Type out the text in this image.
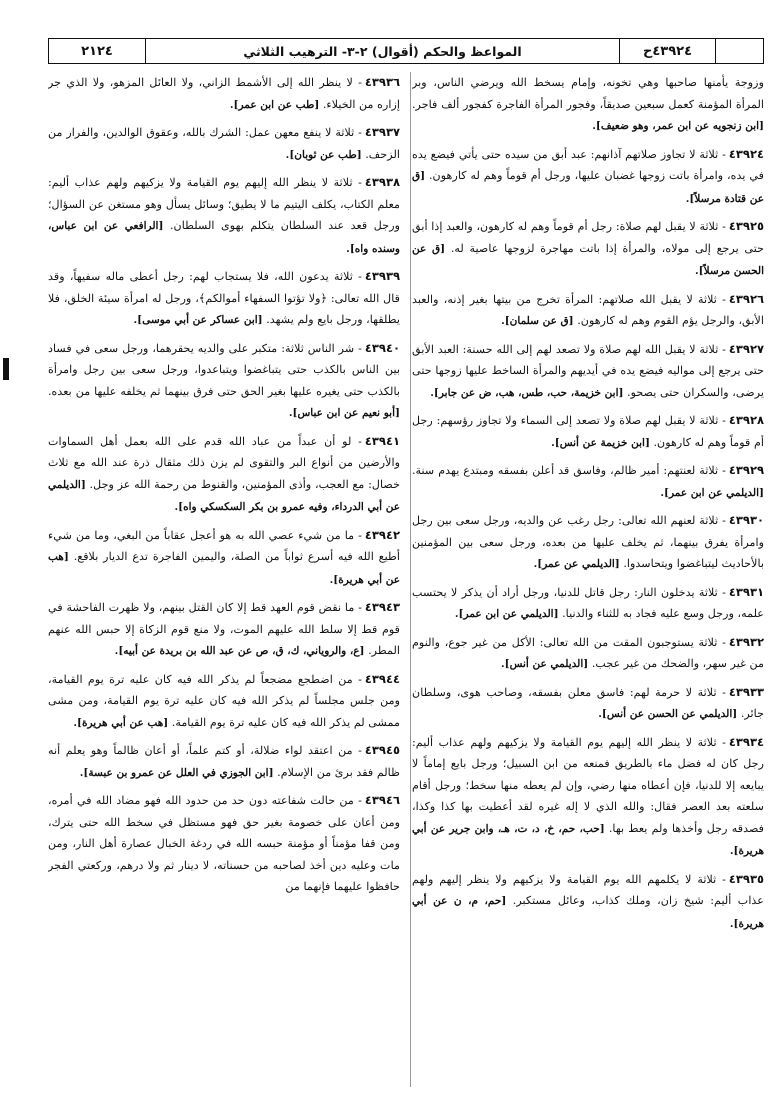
٤٣٩٢٤ح
المواعظ والحكم (أقوال) ٢-٣- الترهيب الثلاثي
٢١٢٤

وزوجة يأمنها صاحبها وهي تخونه، وإمام يسخط الله ويرضي الناس، وبر المرأة المؤمنة كعمل سبعين صديقاً، وفجور المرأة الفاجرة كفجور ألف فاجر. [ابن زنجويه عن ابن عمر، وهو ضعيف].

٤٣٩٢٤- ثلاثة لا تجاوز صلاتهم آذانهم: عبد أبق من سيده حتى يأتي فيضع يده في يده، وامرأة باتت زوجها غضبان عليها، ورجل أم قوماً وهم له كارهون. [ق عن قتادة مرسلاً].

٤٣٩٢٥- ثلاثة لا يقبل لهم صلاة: رجل أم قوماً وهم له كارهون، والعبد إذا أبق حتى يرجع إلى مولاه، والمرأة إذا باتت مهاجرة لزوجها عاصية له. [ق عن الحسن مرسلاً].

٤٣٩٢٦- ثلاثة لا يقبل الله صلاتهم: المرأة تخرج من بيتها بغير إذنه، والعبد الأبق، والرجل يؤم القوم وهم له كارهون. [ق عن سلمان].

٤٣٩٢٧- ثلاثة لا يقبل الله لهم صلاة ولا تصعد لهم إلى الله حسنة: العبد الأبق حتى يرجع إلى مواليه فيضع يده في أيديهم والمرأة الساخط عليها زوجها حتى يرضى، والسكران حتى يصحو. [ابن خزيمة، حب، طس، هب، ض عن جابر].

٤٣٩٢٨- ثلاثة لا يقبل لهم صلاة ولا تصعد إلى السماء ولا تجاوز رؤسهم: رجل أم قوماً وهم له كارهون. [ابن خزيمة عن أنس].

٤٣٩٢٩- ثلاثة لعنتهم: أمير ظالم، وفاسق قد أعلن بفسقه ومبتدع يهدم سنة. [الديلمي عن ابن عمر].

٤٣٩٣٠- ثلاثة لعنهم الله تعالى: رجل رغب عن والديه، ورجل سعى بين رجل وامرأة يفرق بينهما، ثم يخلف عليها من بعده، ورجل سعى بين المؤمنين بالأحاديث ليتباغضوا ويتحاسدوا. [الديلمي عن عمر].

٤٣٩٣١- ثلاثة يدخلون النار: رجل قاتل للدنيا، ورجل أراد أن يذكر لا يحتسب علمه، ورجل وسع عليه فجاد به للثناء والدنيا. [الديلمي عن ابن عمر].

٤٣٩٣٢- ثلاثة يستوجبون المقت من الله تعالى: الأكل من غير جوع، والنوم من غير سهر، والضحك من غير عجب. [الديلمي عن أنس].

٤٣٩٣٣- ثلاثة لا حرمة لهم: فاسق معلن بفسقه، وصاحب هوى، وسلطان جائر. [الديلمي عن الحسن عن أنس].

٤٣٩٣٤- ثلاثة لا ينظر الله إليهم يوم القيامة ولا يزكيهم ولهم عذاب أليم: رجل كان له فضل ماء بالطريق فمنعه من ابن السبيل؛ ورجل بايع إماماً لا يبايعه إلا للدنيا، فإن أعطاه منها رضي، وإن لم يعطه منها سخط؛ ورجل أقام سلعته بعد العصر فقال: والله الذي لا إله غيره لقد أعطيت بها كذا وكذا، فصدقه رجل وأخذها ولم يعط بها. [حب، حم، خ، د، ت، هـ، وابن جرير عن أبي هريرة].

٤٣٩٣٥- ثلاثة لا يكلمهم الله يوم القيامة ولا يزكيهم ولا ينظر إليهم ولهم عذاب أليم: شيخ زان، وملك كذاب، وعائل مستكبر. [حم، م، ن عن أبي هريرة].

٤٣٩٣٦- لا ينظر الله إلى الأشمط الزاني، ولا العائل المزهو، ولا الذي جر إزاره من الخيلاء. [طب عن ابن عمر].

٤٣٩٣٧- ثلاثة لا ينفع معهن عمل: الشرك بالله، وعقوق الوالدين، والفرار من الزحف. [طب عن ثوبان].

٤٣٩٣٨- ثلاثة لا ينظر الله إليهم يوم القيامة ولا يزكيهم ولهم عذاب أليم: معلم الكتاب، يكلف اليتيم ما لا يطيق؛ وسائل يسأل وهو مستغن عن السؤال؛ ورجل قعد عند السلطان يتكلم بهوى السلطان. [الرافعي عن ابن عباس، وسنده واه].

٤٣٩٣٩- ثلاثة يدعون الله، فلا يستجاب لهم: رجل أعطى ماله سفيهاً، وقد قال الله تعالى: ﴿ولا تؤتوا السفهاء أموالكم﴾، ورجل له امرأة سيئة الخلق، فلا يطلقها، ورجل بايع ولم يشهد. [ابن عساكر عن أبي موسى].

٤٣٩٤٠- شر الناس ثلاثة: متكبر على والديه يحقرهما، ورجل سعى في فساد بين الناس بالكذب حتى يتباغضوا ويتباعدوا، ورجل سعى بين رجل وامرأة بالكذب حتى يغيره عليها بغير الحق حتى فرق بينهما ثم يخلفه عليها من بعده. [أبو نعيم عن ابن عباس].

٤٣٩٤١- لو أن عبداً من عباد الله قدم على الله بعمل أهل السماوات والأرضين من أنواع البر والتقوى لم يزن ذلك مثقال ذرة عند الله مع ثلاث خصال: مع العجب، وأذى المؤمنين، والقنوط من رحمة الله عز وجل. [الديلمي عن أبي الدرداء، وفيه عمرو بن بكر السكسكي واه].

٤٣٩٤٢- ما من شيء عصي الله به هو أعجل عقاباً من البغي، وما من شيء أطيع الله فيه أسرع ثواباً من الصلة، واليمين الفاجرة تدع الديار بلاقع. [هب عن أبي هريرة].

٤٣٩٤٣- ما نقض قوم العهد قط إلا كان القتل بينهم، ولا ظهرت الفاحشة في قوم قط إلا سلط الله عليهم الموت، ولا منع قوم الزكاة إلا حبس الله عنهم المطر. [ع، والروياني، ك، ق، ص عن عبد الله بن بريدة عن أبيه].

٤٣٩٤٤- من اضطجع مضجعاً لم يذكر الله فيه كان عليه ترة يوم القيامة، ومن جلس مجلساً لم يذكر الله فيه كان عليه ترة يوم القيامة، ومن مشى ممشى لم يذكر الله فيه كان عليه ترة يوم القيامة. [هب عن أبي هريرة].

٤٣٩٤٥- من اعتقد لواء ضلالة، أو كتم علماً، أو أعان ظالماً وهو يعلم أنه ظالم فقد برئ من الإسلام. [ابن الجوزي في العلل عن عمرو بن عبسة].

٤٣٩٤٦- من حالت شفاعته دون حد من حدود الله فهو مضاد الله في أمره، ومن أعان على خصومة بغير حق فهو مستظل في سخط الله حتى يترك، ومن قفا مؤمناً أو مؤمنة حبسه الله في ردغة الخبال عصارة أهل النار، ومن مات وعليه دين أخذ لصاحبه من حسناته، لا دينار ثم ولا درهم، وركعتي الفجر حافظوا عليهما فإنهما من
